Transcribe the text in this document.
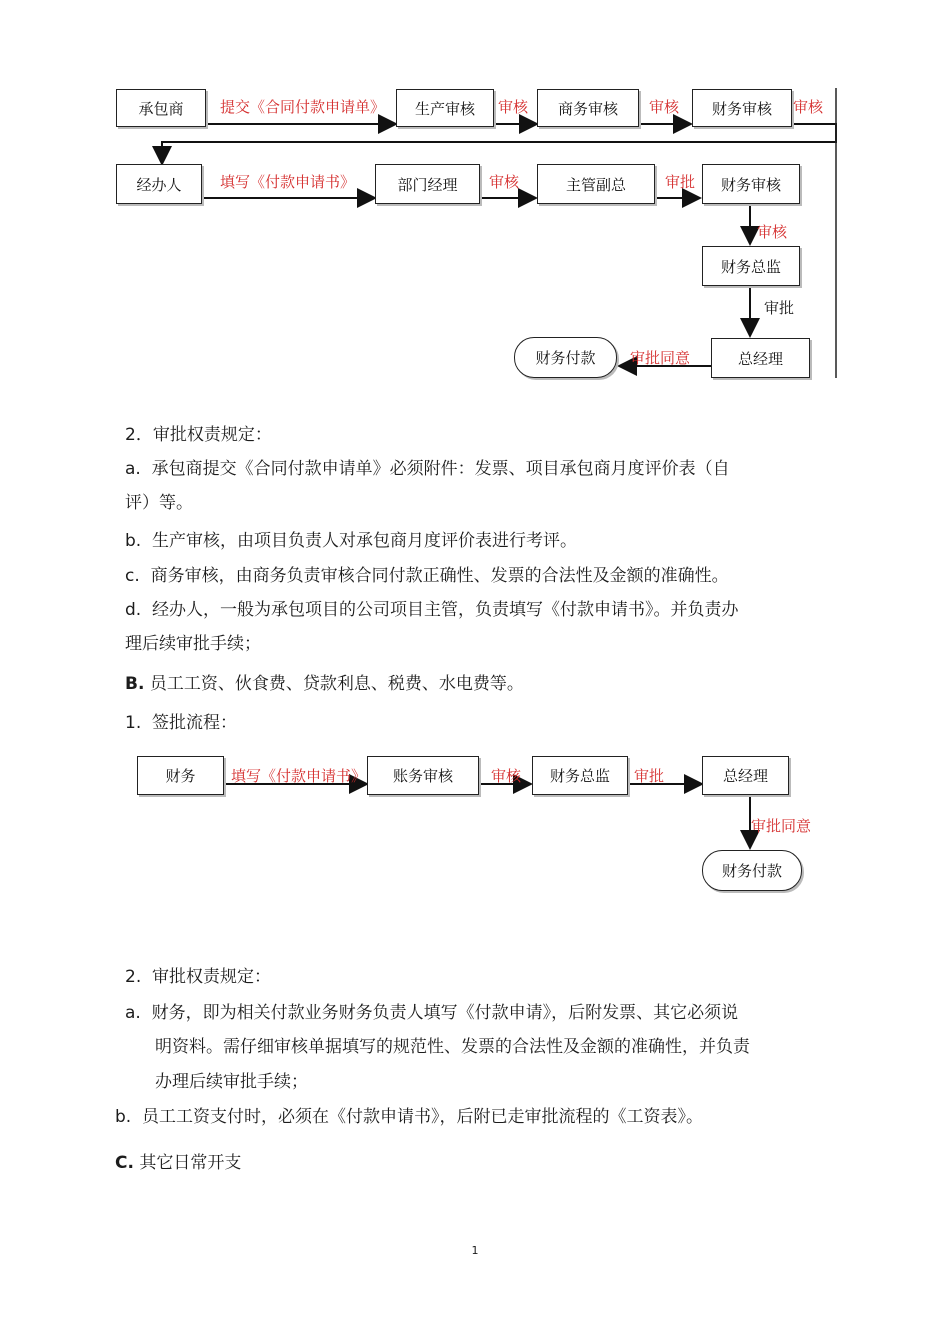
承包商	生产审核	商务审核	财务审核
提交《合同付款申请单》	审核	审核	审核
经办人	部门经理	主管副总	财务审核
填写《付款申请书》	审核	审批
审核
财务总监
审批
总经理
审批同意
财务付款
2．审批权责规定：
a. 承包商提交《合同付款申请单》必须附件：发票、项目承包商月度评价表（自
评）等。
b. 生产审核，由项目负责人对承包商月度评价表进行考评。
c. 商务审核，由商务负责审核合同付款正确性、发票的合法性及金额的准确性。
d. 经办人，一般为承包项目的公司项目主管，负责填写《付款申请书》。并负责办
理后续审批手续；
B. 员工工资、伙食费、贷款利息、税费、水电费等。
1. 签批流程：
财务	账务审核	财务总监	总经理
填写《付款申请书》	审核	审批
审批同意
财务付款
2. 审批权责规定：
a. 财务，即为相关付款业务财务负责人填写《付款申请》，后附发票、其它必须说
明资料。需仔细审核单据填写的规范性、发票的合法性及金额的准确性，并负责
办理后续审批手续；
b. 员工工资支付时，必须在《付款申请书》，后附已走审批流程的《工资表》。
C. 其它日常开支
1
